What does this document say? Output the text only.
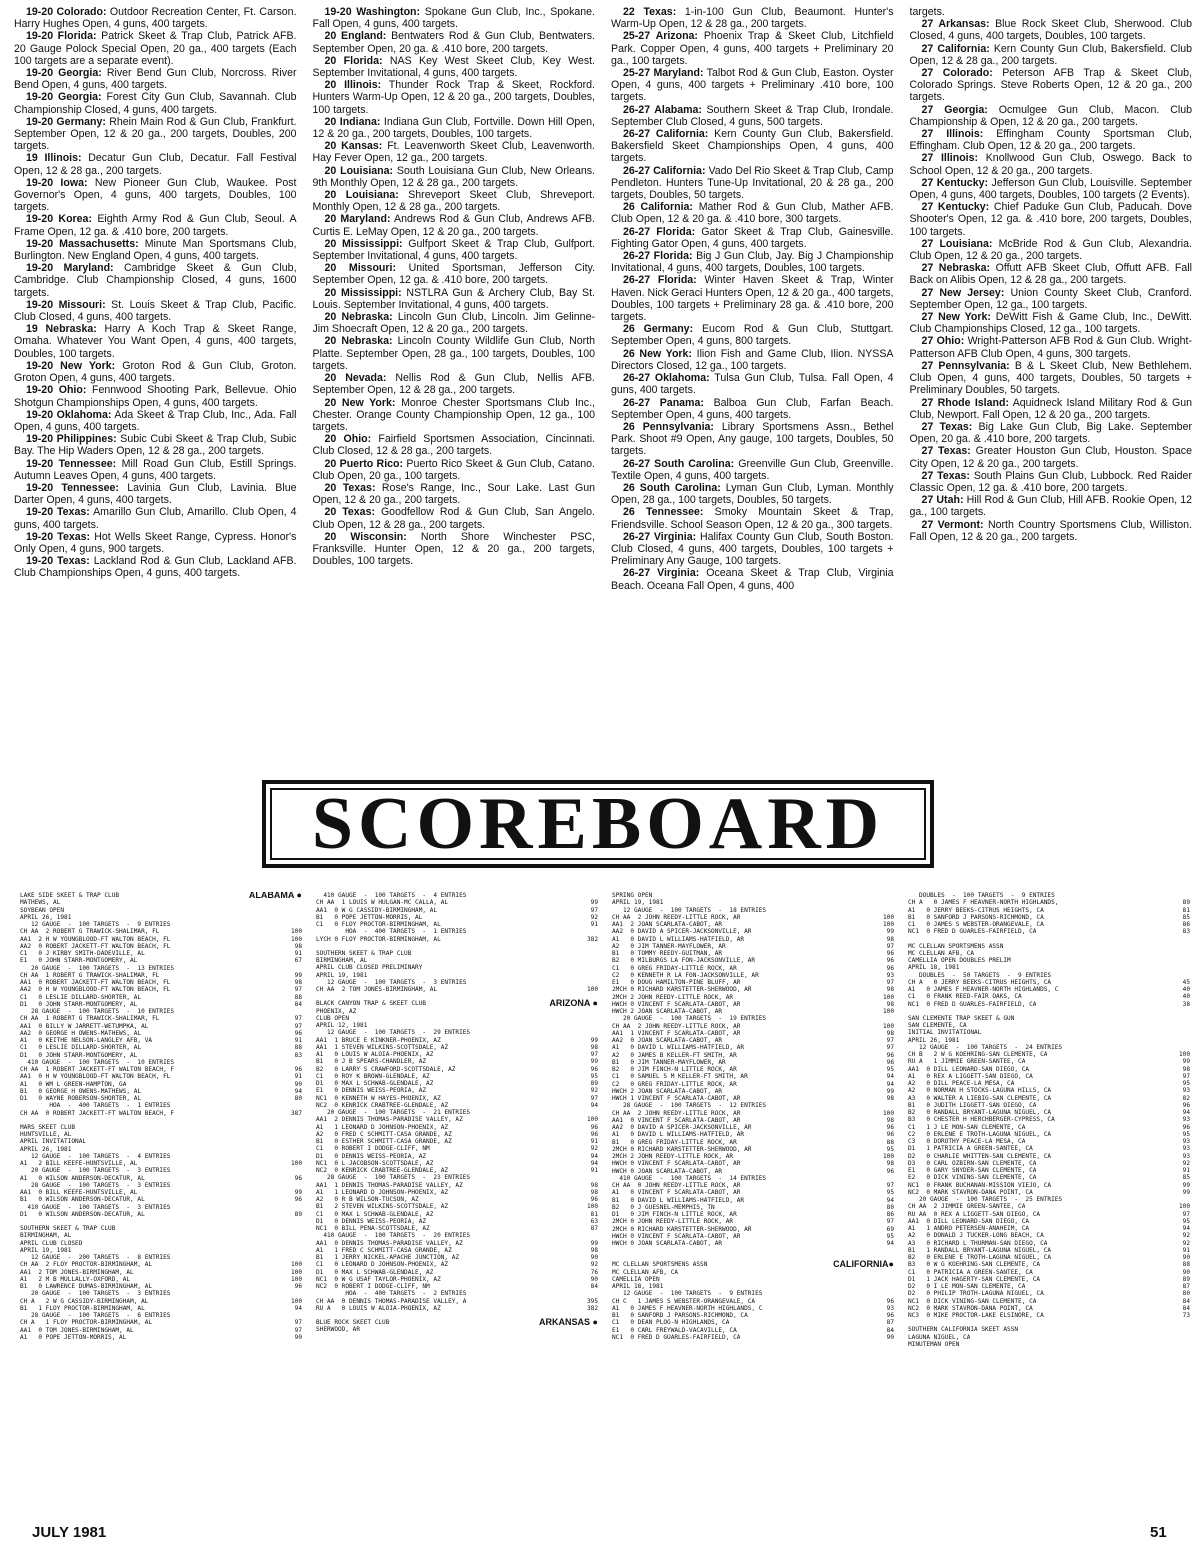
19-20 Colorado: Outdoor Recreation Center, Ft. Carson. Harry Hughes Open, 4 guns, 400 targets.

19-20 Florida: Patrick Skeet & Trap Club, Patrick AFB. 20 Gauge Polock Special Open, 20 ga., 400 targets (Each 100 targets are a separate event).

19-20 Georgia: River Bend Gun Club, Norcross. River Bend Open, 4 guns, 400 targets.

19-20 Georgia: Forest City Gun Club, Savannah. Club Championship Closed, 4 guns, 400 targets.

19-20 Germany: Rhein Main Rod & Gun Club, Frankfurt. September Open, 12 & 20 ga., 200 targets, Doubles, 200 targets.

19 Illinois: Decatur Gun Club, Decatur. Fall Festival Open, 12 & 28 ga., 200 targets.

19-20 Iowa: New Pioneer Gun Club, Waukee. Post Governor's Open, 4 guns, 400 targets, Doubles, 100 targets.

19-20 Korea: Eighth Army Rod & Gun Club, Seoul. A Frame Open, 12 ga. & .410 bore, 200 targets.

19-20 Massachusetts: Minute Man Sportsmans Club, Burlington. New England Open, 4 guns, 400 targets.

19-20 Maryland: Cambridge Skeet & Gun Club, Cambridge. Club Championship Closed, 4 guns, 1600 targets.

19-20 Missouri: St. Louis Skeet & Trap Club, Pacific. Club Closed, 4 guns, 400 targets.

19 Nebraska: Harry A Koch Trap & Skeet Range, Omaha. Whatever You Want Open, 4 guns, 400 targets, Doubles, 100 targets.

19-20 New York: Groton Rod & Gun Club, Groton. Groton Open, 4 guns, 400 targets.

19-20 Ohio: Fennwood Shooting Park, Bellevue. Ohio Shotgun Championships Open, 4 guns, 400 targets.

19-20 Oklahoma: Ada Skeet & Trap Club, Inc., Ada. Fall Open, 4 guns, 400 targets.

19-20 Philippines: Subic Cubi Skeet & Trap Club, Subic Bay. The Hip Waders Open, 12 & 28 ga., 200 targets.

19-20 Tennessee: Mill Road Gun Club, Estill Springs. Autumn Leaves Open, 4 guns, 400 targets.

19-20 Tennessee: Lavinia Gun Club, Lavinia. Blue Darter Open, 4 guns, 400 targets.

19-20 Texas: Amarillo Gun Club, Amarillo. Club Open, 4 guns, 400 targets.

19-20 Texas: Hot Wells Skeet Range, Cypress. Honor's Only Open, 4 guns, 900 targets.

19-20 Texas: Lackland Rod & Gun Club, Lackland AFB. Club Championships Open, 4 guns, 400 targets.

19-20 Washington: Spokane Gun Club, Inc., Spokane. Fall Open, 4 guns, 400 targets.

20 England: Bentwaters Rod & Gun Club, Bentwaters. September Open, 20 ga. & .410 bore, 200 targets.

20 Florida: NAS Key West Skeet Club, Key West. September Invitational, 4 guns, 400 targets.

20 Illinois: Thunder Rock Trap & Skeet, Rockford. Hunters Warm-Up Open, 12 & 20 ga., 200 targets, Doubles, 100 targets.

20 Indiana: Indiana Gun Club, Fortville. Down Hill Open, 12 & 20 ga., 200 targets, Doubles, 100 targets.

20 Kansas: Ft. Leavenworth Skeet Club, Leavenworth. Hay Fever Open, 12 ga., 200 targets.

20 Louisiana: South Louisiana Gun Club, New Orleans. 9th Monthly Open, 12 & 28 ga., 200 targets.

20 Louisiana: Shreveport Skeet Club, Shreveport. Monthly Open, 12 & 28 ga., 200 targets.

20 Maryland: Andrews Rod & Gun Club, Andrews AFB. Curtis E. LeMay Open, 12 & 20 ga., 200 targets.

20 Mississippi: Gulfport Skeet & Trap Club, Gulfport. September Invitational, 4 guns, 400 targets.

20 Missouri: United Sportsman, Jefferson City. September Open, 12 ga. & .410 bore, 200 targets.

20 Mississippi: NSTLRA Gun & Archery Club, Bay St. Louis. September Invitational, 4 guns, 400 targets.

20 Nebraska: Lincoln Gun Club, Lincoln. Jim Gelinne-Jim Shoecraft Open, 12 & 20 ga., 200 targets.

20 Nebraska: Lincoln County Wildlife Gun Club, North Platte. September Open, 28 ga., 100 targets, Doubles, 100 targets.

20 Nevada: Nellis Rod & Gun Club, Nellis AFB. September Open, 12 & 28 ga., 200 targets.

20 New York: Monroe Chester Sportsmans Club Inc., Chester. Orange County Championship Open, 12 ga., 100 targets.

20 Ohio: Fairfield Sportsmen Association, Cincinnati. Club Closed, 12 & 28 ga., 200 targets.

20 Puerto Rico: Puerto Rico Skeet & Gun Club, Catano. Club Open, 20 ga., 100 targets.

20 Texas: Rose's Range, Inc., Sour Lake. Last Gun Open, 12 & 20 ga., 200 targets.

20 Texas: Goodfellow Rod & Gun Club, San Angelo. Club Open, 12 & 28 ga., 200 targets.

20 Wisconsin: North Shore Winchester PSC, Franksville. Hunter Open, 12 & 20 ga., 200 targets, Doubles, 100 targets.

22 Texas: 1-in-100 Gun Club, Beaumont. Hunter's Warm-Up Open, 12 & 28 ga., 200 targets.

25-27 Arizona: Phoenix Trap & Skeet Club, Litchfield Park. Copper Open, 4 guns, 400 targets + Preliminary 20 ga., 100 targets.

25-27 Maryland: Talbot Rod & Gun Club, Easton. Oyster Open, 4 guns, 400 targets + Preliminary .410 bore, 100 targets.

26-27 Alabama: Southern Skeet & Trap Club, Irondale. September Club Closed, 4 guns, 500 targets.

26-27 California: Kern County Gun Club, Bakersfield. Bakersfield Skeet Championships Open, 4 guns, 400 targets.

26-27 California: Vado Del Rio Skeet & Trap Club, Camp Pendleton. Hunters Tune-Up Invitational, 20 & 28 ga., 200 targets, Doubles, 50 targets.

26 California: Mather Rod & Gun Club, Mather AFB. Club Open, 12 & 20 ga. & .410 bore, 300 targets.

26-27 Florida: Gator Skeet & Trap Club, Gainesville. Fighting Gator Open, 4 guns, 400 targets.

26-27 Florida: Big J Gun Club, Jay. Big J Championship Invitational, 4 guns, 400 targets, Doubles, 100 targets.

26-27 Florida: Winter Haven Skeet & Trap, Winter Haven. Nick Geraci Hunters Open, 12 & 20 ga., 400 targets, Doubles, 100 targets + Preliminary 28 ga. & .410 bore, 200 targets.

26 Germany: Eucom Rod & Gun Club, Stuttgart. September Open, 4 guns, 800 targets.

26 New York: Ilion Fish and Game Club, Ilion. NYSSA Directors Closed, 12 ga., 100 targets.

26-27 Oklahoma: Tulsa Gun Club, Tulsa. Fall Open, 4 guns, 400 targets.

26-27 Panama: Balboa Gun Club, Farfan Beach. September Open, 4 guns, 400 targets.

26 Pennsylvania: Library Sportsmens Assn., Bethel Park. Shoot #9 Open, Any gauge, 100 targets, Doubles, 50 targets.

26-27 South Carolina: Greenville Gun Club, Greenville. Textile Open, 4 guns, 400 targets.

26 South Carolina: Lyman Gun Club, Lyman. Monthly Open, 28 ga., 100 targets, Doubles, 50 targets.

26 Tennessee: Smoky Mountain Skeet & Trap, Friendsville. School Season Open, 12 & 20 ga., 300 targets.

26-27 Virginia: Halifax County Gun Club, South Boston. Club Closed, 4 guns, 400 targets, Doubles, 100 targets + Preliminary Any Gauge, 100 targets.

26-27 Virginia: Oceana Skeet & Trap Club, Virginia Beach. Oceana Fall Open, 4 guns, 400

targets.

27 Arkansas: Blue Rock Skeet Club, Sherwood. Club Closed, 4 guns, 400 targets, Doubles, 100 targets.

27 California: Kern County Gun Club, Bakersfield. Club Open, 12 & 28 ga., 200 targets.

27 Colorado: Peterson AFB Trap & Skeet Club, Colorado Springs. Steve Roberts Open, 12 & 20 ga., 200 targets.

27 Georgia: Ocmulgee Gun Club, Macon. Club Championship & Open, 12 & 20 ga., 200 targets.

27 Illinois: Effingham County Sportsman Club, Effingham. Club Open, 12 & 20 ga., 200 targets.

27 Illinois: Knollwood Gun Club, Oswego. Back to School Open, 12 & 20 ga., 200 targets.

27 Kentucky: Jefferson Gun Club, Louisville. September Open, 4 guns, 400 targets, Doubles, 100 targets (2 Events).

27 Kentucky: Chief Paduke Gun Club, Paducah. Dove Shooter's Open, 12 ga. & .410 bore, 200 targets, Doubles, 100 targets.

27 Louisiana: McBride Rod & Gun Club, Alexandria. Club Open, 12 & 20 ga., 200 targets.

27 Nebraska: Offutt AFB Skeet Club, Offutt AFB. Fall Back on Alibis Open, 12 & 28 ga., 200 targets.

27 New Jersey: Union County Skeet Club, Cranford. September Open, 12 ga., 100 targets.

27 New York: DeWitt Fish & Game Club, Inc., DeWitt. Club Championships Closed, 12 ga., 100 targets.

27 Ohio: Wright-Patterson AFB Rod & Gun Club. Wright-Patterson AFB Club Open, 4 guns, 300 targets.

27 Pennsylvania: B & L Skeet Club, New Bethlehem. Club Open, 4 guns, 400 targets, Doubles, 50 targets + Preliminary Doubles, 50 targets.

27 Rhode Island: Aquidneck Island Military Rod & Gun Club, Newport. Fall Open, 12 & 20 ga., 200 targets.

27 Texas: Big Lake Gun Club, Big Lake. September Open, 20 ga. & .410 bore, 200 targets.

27 Texas: Greater Houston Gun Club, Houston. Space City Open, 12 & 20 ga., 200 targets.

27 Texas: South Plains Gun Club, Lubbock. Red Raider Classic Open, 12 ga. & .410 bore, 200 targets.

27 Utah: Hill Rod & Gun Club, Hill AFB. Rookie Open, 12 ga., 100 targets.

27 Vermont: North Country Sportsmens Club, Williston. Fall Open, 12 & 20 ga., 200 targets.

SCOREBOARD
LAKE SIDE SKEET & TRAP CLUB	ALABAMA ●
MATHEWS, AL
SOYBEAN OPEN
APRIL 26, 1981
12 GAUGE  -  100 TARGETS  -  9 ENTRIES
CH AA  2 ROBERT G TRAWICK-SHALIMAR, FL	100
AA1  2 H W YOUNGBLOOD-FT WALTON BEACH, FL	100
AA2  0 ROBERT JACKETT-FT WALTON BEACH, FL	98
C1   0 J KIRBY SMITH-DADEVILLE, AL	91
E1   0 JOHN STARR-MONTGOMERY, AL	67
20 GAUGE  -  100 TARGETS  -  13 ENTRIES
CH AA  1 ROBERT G TRAWICK-SHALIMAR, FL	99
AA1  0 ROBERT JACKETT-FT WALTON BEACH, FL	98
AA2  0 H W YOUNGBLOOD-FT WALTON BEACH, FL	97
C1   0 LESLIE DILLARD-SHORTER, AL	88
D1   0 JOHN STARR-MONTGOMERY, AL	84
28 GAUGE  -  100 TARGETS  -  10 ENTRIES
CH AA  1 ROBERT G TRAWICK-SHALIMAR, FL	97
AA1  0 BILLY W JARRETT-WETUMPKA, AL	97
AA2  0 GEORGE H OWENS-MATHEWS, AL	96
A1   0 KEITHE NELSON-LANGLEY AFB, VA	91
C1   0 LESLIE DILLARD-SHORTER, AL	88
D1   0 JOHN STARR-MONTGOMERY, AL	83
410 GAUGE  -  100 TARGETS  -  10 ENTRIES
CH AA  1 ROBERT JACKETT-FT WALTON BEACH, F	96
AA1  0 H W YOUNGBLOOD-FT WALTON BEACH, FL	91
A1   0 WM L GREEN-HAMPTON, GA	90
B1   0 GEORGE H OWENS-MATHEWS, AL	94
D1   0 WAYNE ROBERSON-SHORTER, AL	80
HOA  -  400 TARGETS  -  1 ENTRIES
CH AA  0 ROBERT JACKETT-FT WALTON BEACH, F	387
MARS SKEET CLUB
HUNTSVILLE, AL
APRIL INVITATIONAL
APRIL 26, 1981
12 GAUGE  -  100 TARGETS  -  4 ENTRIES
A1   2 BILL KEEFE-HUNTSVILLE, AL	100
20 GAUGE  -  100 TARGETS  -  3 ENTRIES
A1   0 WILSON ANDERSON-DECATUR, AL	96
28 GAUGE  -  100 TARGETS  -  3 ENTRIES
AA1  0 BILL KEEFE-HUNTSVILLE, AL	99
B1   0 WILSON ANDERSON-DECATUR, AL	96
410 GAUGE  -  100 TARGETS  -  3 ENTRIES
D1   0 WILSON ANDERSON-DECATUR, AL	89
SOUTHERN SKEET & TRAP CLUB
BIRMINGHAM, AL
APRIL CLUB CLOSED
APRIL 19, 1981
12 GAUGE  -  200 TARGETS  -  8 ENTRIES
CH AA  2 FLOY PROCTOR-BIRMINGHAM, AL	100
AA1  2 TOM JONES-BIRMINGHAM, AL	100
A1   2 M B MULLALLY-OXFORD, AL	100
B1   0 LAWRENCE DUMAS-BIRMINGHAM, AL	96
20 GAUGE  -  100 TARGETS  -  3 ENTRIES
CH A   2 W G CASSIDY-BIRMINGHAM, AL	100
B1   1 FLOY PROCTOR-BIRMINGHAM, AL	94
28 GAUGE  -  100 TARGETS  -  6 ENTRIES
CH A   1 FLOY PROCTOR-BIRMINGHAM, AL	97
AA1  0 TOM JONES-BIRMINGHAM, AL	97
A1   0 POPE JETTON-MORRIS, AL	90
410 GAUGE  -  100 TARGETS  -  4 ENTRIES
CH AA  1 LOUIS W HULGAN-MC CALLA, AL	99
AA1  0 W G CASSIDY-BIRMINGHAM, AL	97
B1   0 POPE JETTON-MORRIS, AL	92
C1   0 FLOY PROCTOR-BIRMINGHAM, AL	91
HOA  -  400 TARGETS  -  1 ENTRIES
LYCH 0 FLOY PROCTOR-BIRMINGHAM, AL	382
SOUTHERN SKEET & TRAP CLUB
BIRMINGHAM, AL
APRIL CLUB CLOSED PRELIMINARY
APRIL 19, 1981
12 GAUGE  -  100 TARGETS  -  3 ENTRIES
CH AA  2 TOM JONES-BIRMINGHAM, AL	100
BLACK CANYON TRAP & SKEET CLUB	ARIZONA ●
PHOENIX, AZ
CLUB OPEN
APRIL 12, 1981
12 GAUGE  -  100 TARGETS  -  29 ENTRIES
AA1  1 BRUCE E KINKNER-PHOENIX, AZ	99
AA1  1 STEVEN WILKINS-SCOTTSDALE, AZ	98
A1   0 LOUIS W ALOIA-PHOENIX, AZ	97
B1   0 J B SPEARS-CHANDLER, AZ	99
B2   0 LARRY S CRAWFORD-SCOTTSDALE, AZ	96
C1   0 ROY K BROWN-GLENDALE, AZ	95
D1   0 MAX L SCHWAB-GLENDALE, AZ	89
E1   0 DENNIS WEISS-PEORIA, AZ	92
NC1  0 KENNETH W HAYES-PHOENIX, AZ	97
NC2  0 KENRICK CRABTREE-GLENDALE, AZ	94
20 GAUGE  -  100 TARGETS  -  21 ENTRIES
AA1  2 DENNIS THOMAS-PARADISE VALLEY, AZ	100
A1   1 LEONARD D JOHNSON-PHOENIX, AZ	96
A2   0 FRED C SCHMITT-CASA GRANDE, AZ	96
B1   0 ESTHER SCHMITT-CASA GRANDE, AZ	91
C1   0 ROBERT I DODGE-CLIFF, NM	92
D1   0 DENNIS WEISS-PEORIA, AZ	94
NC1  0 L JACOBSON-SCOTTSDALE, AZ	94
NC2  0 KENRICK CRABTREE-GLENDALE, AZ	91
28 GAUGE  -  100 TARGETS  -  23 ENTRIES
AA1  1 DENNIS THOMAS-PARADISE VALLEY, AZ	98
A1   1 LEONARD D JOHNSON-PHOENIX, AZ	98
A2   0 R B WILSON-TUCSON, AZ	96
B1   2 STEVEN WILKINS-SCOTTSDALE, AZ	100
C1   0 MAX L SCHWAB-GLENDALE, AZ	81
D1   0 DENNIS WEISS-PEORIA, AZ	63
NC1  0 BILL PENA-SCOTTSDALE, AZ	87
410 GAUGE  -  100 TARGETS  -  20 ENTRIES
AA1  0 DENNIS THOMAS-PARADISE VALLEY, AZ	99
A1   1 FRED C SCHMITT-CASA GRANDE, AZ	98
B1   1 JERRY NICKEL-APACHE JUNCTION, AZ	90
C1   0 LEONARD D JOHNSON-PHOENIX, AZ	92
D1   0 MAX L SCHWAB-GLENDALE, AZ	76
NC1  0 W G USAF TAYLOR-PHOENIX, AZ	90
NC2  0 ROBERT I DODGE-CLIFF, NM	84
HOA  -  400 TARGETS  -  2 ENTRIES
CH AA  0 DENNIS THOMAS-PARADISE VALLEY, A	395
RU A   0 LOUIS W ALOIA-PHOENIX, AZ	382
BLUE ROCK SKEET CLUB	ARKANSAS ●
SHERWOOD, AR
SPRING OPEN
APRIL 19, 1981
12 GAUGE  -  100 TARGETS  -  18 ENTRIES
CH AA  2 JOHN REEDY-LITTLE ROCK, AR	100
AA1  2 JOAN SCARLATA-CABOT, AR	100
AA2  0 DAVID A SPICER-JACKSONVILLE, AR	99
A1   0 DAVID L WILLIAMS-HATFIELD, AR	98
A2   0 JIM TANNER-MAYFLOWER, AR	97
B1   0 TOMMY REEDY-GUITMAN, AR	96
B2   0 MILBURGS LA FON-JACKSONVILLE, AR	96
C1   0 GREG FRIDAY-LITTLE ROCK, AR	96
C2   0 KENNETH R LA FON-JACKSONVILLE, AR	93
E1   0 DOUG HAMILTON-PINE BLUFF, AR	97
2MCH 0 RICHARD KARSTETTER-SHERWOOD, AR	98
2MCH 2 JOHN REEDY-LITTLE ROCK, AR	100
HWCH 0 VINCENT F SCARLATA-CABOT, AR	98
HWCH 2 JOAN SCARLATA-CABOT, AR	100
20 GAUGE  -  100 TARGETS  -  19 ENTRIES
CH AA  2 JOHN REEDY-LITTLE ROCK, AR	100
AA1  1 VINCENT F SCARLATA-CABOT, AR	98
AA2  0 JOAN SCARLATA-CABOT, AR	97
A1   0 DAVID L WILLIAMS-HATFIELD, AR	97
A2   0 JAMES B KELLER-FT SMITH, AR	96
B1   0 JIM TANNER-MAYFLOWER, AR	96
B2   0 JIM FINCH-N LITTLE ROCK, AR	95
C1   0 SAMUEL S M KELLER-FT SMITH, AR	94
C2   0 GREG FRIDAY-LITTLE ROCK, AR	94
HWCH 2 JOAN SCARLATA-CABOT, AR	99
HWCH 1 VINCENT F SCARLATA-CABOT, AR	98
28 GAUGE  -  100 TARGETS  -  12 ENTRIES
CH AA  2 JOHN REEDY-LITTLE ROCK, AR	100
AA1  0 VINCENT F SCARLATA-CABOT, AR	98
AA2  0 DAVID A SPICER-JACKSONVILLE, AR	96
A1   0 DAVID L WILLIAMS-HATFIELD, AR	96
B1   0 GREG FRIDAY-LITTLE ROCK, AR	88
2MCH 0 RICHARD KARSTETTER-SHERWOOD, AR	95
2MCH 2 JOHN REEDY-LITTLE ROCK, AR	100
HWCH 0 VINCENT F SCARLATA-CABOT, AR	98
HWCH 0 JOAN SCARLATA-CABOT, AR	96
410 GAUGE  -  100 TARGETS  -  14 ENTRIES
CH AA  0 JOHN REEDY-LITTLE ROCK, AR	97
A1   0 VINCENT F SCARLATA-CABOT, AR	95
B1   0 DAVID L WILLIAMS-HATFIELD, AR	94
B2   0 J GUESNEL-MEMPHIS, TN	80
D1   0 JIM FINCH-N LITTLE ROCK, AR	86
2MCH 0 JOHN REEDY-LITTLE ROCK, AR	97
2MCH 0 RICHARD KARSTETTER-SHERWOOD, AR	69
HWCH 0 VINCENT F SCARLATA-CABOT, AR	95
HWCH 0 JOAN SCARLATA-CABOT, AR	94
MC CLELLAN SPORTSMENS ASSN	CALIFORNIA●
MC CLELLAN AFB, CA
CAMELLIA OPEN
APRIL 18, 1981
12 GAUGE  -  100 TARGETS  -  9 ENTRIES
CH C   1 JAMES S WEBSTER-ORANGEVALE, CA	96
A1   0 JAMES F HEAVNER-NORTH HIGHLANDS, C	93
B1   0 SANFORD J PARSONS-RICHMOND, CA	96
C1   0 DEAN PLOG-N HIGHLANDS, CA	87
E1   0 CARL FREYWALD-VACAVILLE, CA	84
NC1  0 FRED D GUARLES-FAIRFIELD, CA	90
DOUBLES  -  100 TARGETS  -  9 ENTRIES
CH A   0 JAMES F HEAVNER-NORTH HIGHLANDS,	89
A1   0 JERRY BEEKS-CITRUS HEIGHTS, CA	81
B1   0 SANFORD J PARSONS-RICHMOND, CA	85
C1   0 JAMES S WEBSTER-ORANGEVALE, CA	86
NC1  0 FRED D GUARLES-FAIRFIELD, CA	83
MC CLELLAN SPORTSMENS ASSN
MC CLELLAN AFB, CA
CAMELLIA OPEN DOUBLES PRELIM
APRIL 18, 1981
DOUBLES  -  50 TARGETS  -  9 ENTRIES
CH A   0 JERRY BEEKS-CITRUS HEIGHTS, CA	45
A1   0 JAMES F HEAVNER-NORTH HIGHLANDS, C	40
C1   0 FRANK REED-FAIR OAKS, CA	40
NC1  0 FRED D GUARLES-FAIRFIELD, CA	38
SAN CLEMENTE TRAP SKEET & GUN
SAN CLEMENTE, CA
INITIAL INVITATIONAL
APRIL 26, 1981
12 GAUGE  -  100 TARGETS  -  24 ENTRIES
CH B   2 W G KOEHRING-SAN CLEMENTE, CA	100
RU A   1 JIMMIE GREEN-SANTEE, CA	99
AA1  0 DILL LEONARD-SAN DIEGO, CA	98
A1   0 REX A LIGGETT-SAN DIEGO, CA	97
A2   0 DILL PEACE-LA MESA, CA	95
A2   0 NORMAN H STOCKS-LAGUNA HILLS, CA	93
A3   0 WALTER A LIEBIG-SAN CLEMENTE, CA	82
B1   0 JUDITH LIGGETT-SAN DIEGO, CA	96
B2   0 RANDALL BRYANT-LAGUNA NIGUEL, CA	94
B3   0 CHESTER H HERCHBERGER-CYPRESS, CA	93
C1   1 J LE MON-SAN CLEMENTE, CA	96
C2   0 ERLENE E TROTH-LAGUNA NIGUEL, CA	95
C3   0 DOROTHY PEACE-LA MESA, CA	93
D1   1 PATRICIA A GREEN-SANTEE, CA	93
D2   0 CHARLIE WHITTEN-SAN CLEMENTE, CA	93
D3   0 CARL OZBIRN-SAN CLEMENTE, CA	92
E1   0 GARY SNYDER-SAN CLEMENTE, CA	91
E2   0 DICK VINING-SAN CLEMENTE, CA	85
NC1  0 FRANK BUCHANAN-MISSION VIEJO, CA	99
NC2  0 MARK STAVRON-DANA POINT, CA	99
20 GAUGE  -  100 TARGETS  -  25 ENTRIES
CH AA  2 JIMMIE GREEN-SANTEE, CA	100
RU AA  0 REX A LIGGETT-SAN DIEGO, CA	97
AA1  0 DILL LEONARD-SAN DIEGO, CA	95
A1   1 ANDRO PETERSEN-ANAHEIM, CA	94
A2   0 DONALD J TUCKER-LONG BEACH, CA	92
A3   0 RICHARD L THURMAN-SAN DIEGO, CA	92
B1   1 RANDALL BRYANT-LAGUNA NIGUEL, CA	91
B2   0 ERLENE E TROTH-LAGUNA NIGUEL, CA	90
B3   0 W G KOEHRING-SAN CLEMENTE, CA	88
C1   0 PATRICIA A GREEN-SANTEE, CA	90
D1   1 JACK HAGERTY-SAN CLEMENTE, CA	89
D2   0 I LE MON-SAN CLEMENTE, CA	87
D2   0 PHILIP TROTH-LAGUNA NIGUEL, CA	80
NC1  0 DICK VINING-SAN CLEMENTE, CA	84
NC2  0 MARK STAVRON-DANA POINT, CA	84
NC3  0 MIKE PROCTOR-LAKE ELSINORE, CA	73
SOUTHERN CALIFORNIA SKEET ASSN
LAGUNA NIGUEL, CA
MINUTEMAN OPEN
JULY 1981	51
